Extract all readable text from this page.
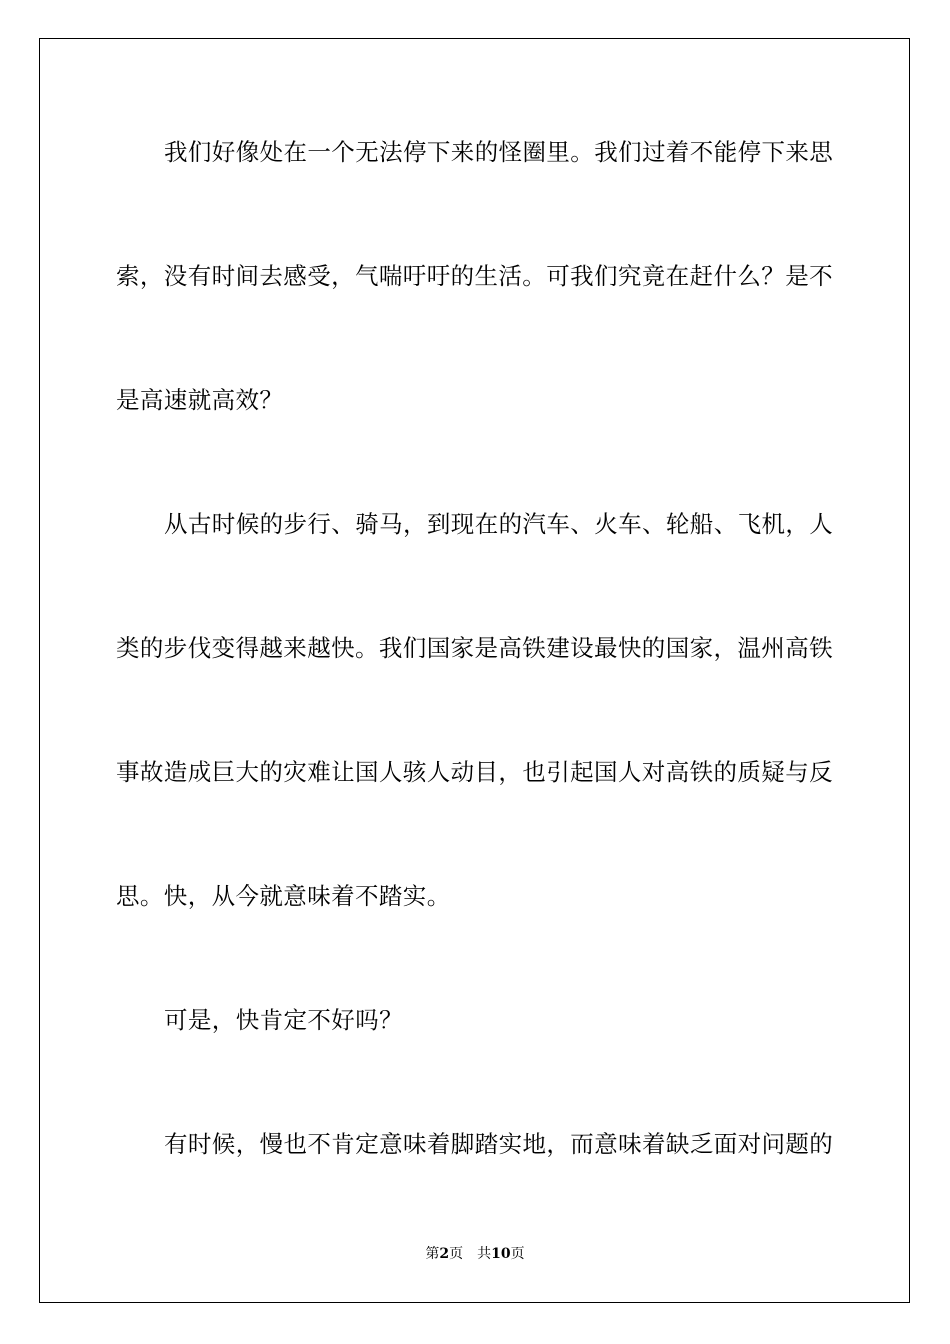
我们好像处在一个无法停下来的怪圈里。我们过着不能停下来思
索，没有时间去感受，气喘吁吁的生活。可我们究竟在赶什么？是不
是高速就高效？
从古时候的步行、骑马，到现在的汽车、火车、轮船、飞机，人
类的步伐变得越来越快。我们国家是高铁建设最快的国家，温州高铁
事故造成巨大的灾难让国人骇人动目，也引起国人对高铁的质疑与反
思。快，从今就意味着不踏实。
可是，快肯定不好吗？
有时候，慢也不肯定意味着脚踏实地，而意味着缺乏面对问题的
第2页 共10页
